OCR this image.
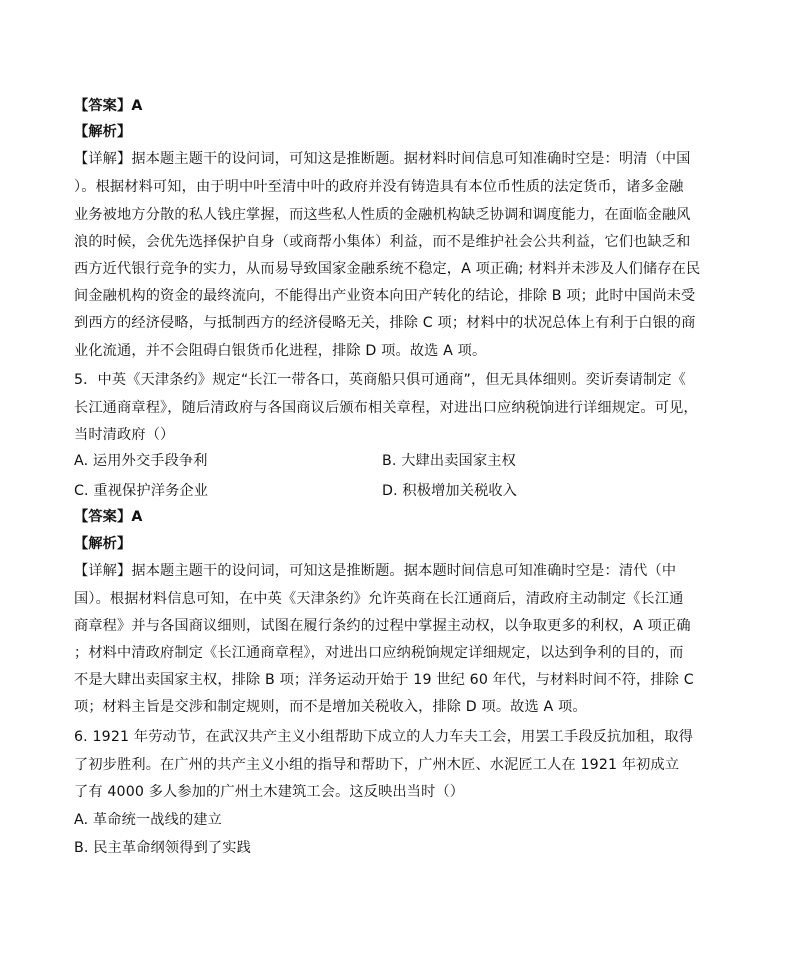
【答案】A
【解析】
【详解】据本题主题干的设问词，可知这是推断题。据材料时间信息可知准确时空是：明清（中国
）。根据材料可知，由于明中叶至清中叶的政府并没有铸造具有本位币性质的法定货币，诸多金融
业务被地方分散的私人钱庄掌握，而这些私人性质的金融机构缺乏协调和调度能力，在面临金融风
浪的时候，会优先选择保护自身（或商帮小集体）利益，而不是维护社会公共利益，它们也缺乏和
西方近代银行竞争的实力，从而易导致国家金融系统不稳定，A 项正确; 材料并未涉及人们储存在民
间金融机构的资金的最终流向，不能得出产业资本向田产转化的结论，排除 B 项；此时中国尚未受
到西方的经济侵略，与抵制西方的经济侵略无关，排除 C 项；材料中的状况总体上有利于白银的商
业化流通，并不会阻碍白银货币化进程，排除 D 项。故选 A 项。
5．中英《天津条约》规定“长江一带各口，英商船只俱可通商”，但无具体细则。奕䜣奏请制定《
长江通商章程》，随后清政府与各国商议后颁布相关章程，对进出口应纳税饷进行详细规定。可见，
当时清政府（）
A. 运用外交手段争利	B. 大肆出卖国家主权
C. 重视保护洋务企业	D. 积极增加关税收入
【答案】A
【解析】
【详解】据本题主题干的设问词，可知这是推断题。据本题时间信息可知准确时空是：清代（中
国）。根据材料信息可知，在中英《天津条约》允许英商在长江通商后，清政府主动制定《长江通
商章程》并与各国商议细则，试图在履行条约的过程中掌握主动权，以争取更多的利权，A 项正确
；材料中清政府制定《长江通商章程》，对进出口应纳税饷规定详细规定，以达到争利的目的，而
不是大肆出卖国家主权，排除 B 项；洋务运动开始于 19 世纪 60 年代，与材料时间不符，排除 C
项；材料主旨是交涉和制定规则，而不是增加关税收入，排除 D 项。故选 A 项。
6. 1921 年劳动节，在武汉共产主义小组帮助下成立的人力车夫工会，用罢工手段反抗加租，取得
了初步胜利。在广州的共产主义小组的指导和帮助下，广州木匠、水泥匠工人在 1921 年初成立
了有 4000 多人参加的广州土木建筑工会。这反映出当时（）
A. 革命统一战线的建立
B. 民主革命纲领得到了实践
